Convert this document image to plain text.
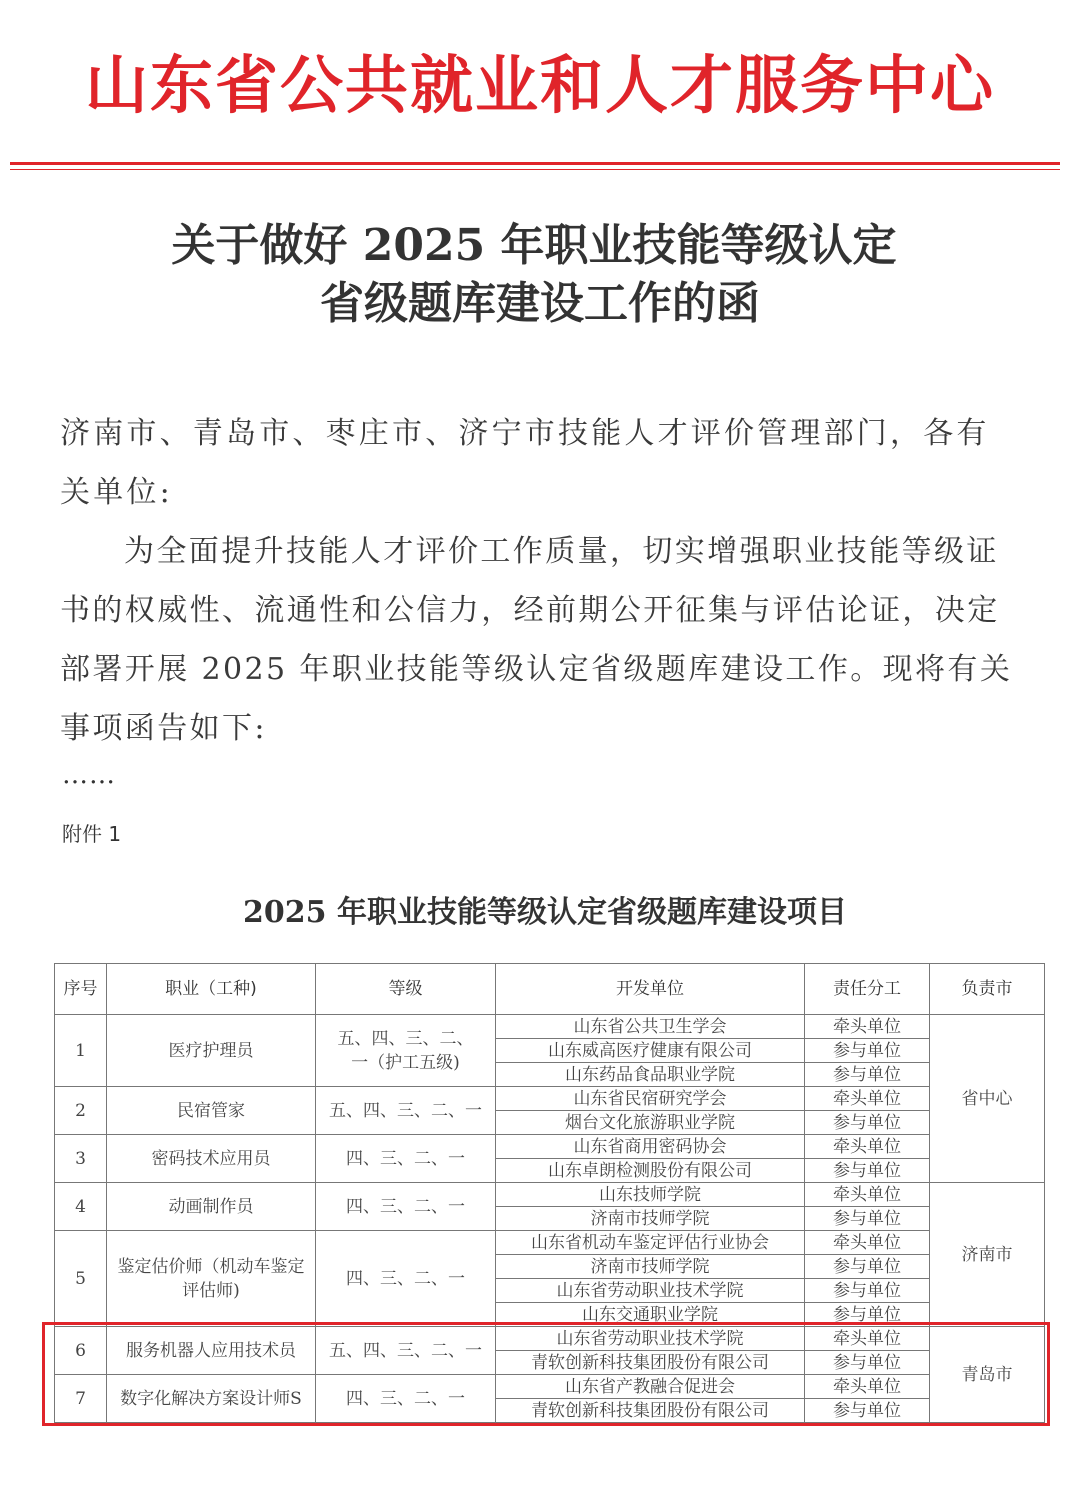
山东省公共就业和人才服务中心
关于做好 2025 年职业技能等级认定
省级题库建设工作的函
济南市、青岛市、枣庄市、济宁市技能人才评价管理部门，各有关单位:
为全面提升技能人才评价工作质量，切实增强职业技能等级证书的权威性、流通性和公信力，经前期公开征集与评估论证，决定部署开展 2025 年职业技能等级认定省级题库建设工作。现将有关事项函告如下:
……
附件 1
2025 年职业技能等级认定省级题库建设项目
序号	职业（工种)	等级	开发单位	责任分工	负责市
1	医疗护理员	五、四、三、二、一（护工五级)	山东省公共卫生学会	牵头单位	省中心
			山东威高医疗健康有限公司	参与单位	
			山东药品食品职业学院	参与单位	
2	民宿管家	五、四、三、二、一	山东省民宿研究学会	牵头单位	
			烟台文化旅游职业学院	参与单位	
3	密码技术应用员	四、三、二、一	山东省商用密码协会	牵头单位	
			山东卓朗检测股份有限公司	参与单位	
4	动画制作员	四、三、二、一	山东技师学院	牵头单位	济南市
			济南市技师学院	参与单位	
5	鉴定估价师（机动车鉴定评估师)	四、三、二、一	山东省机动车鉴定评估行业协会	牵头单位	
			济南市技师学院	参与单位	
			山东省劳动职业技术学院	参与单位	
			山东交通职业学院	参与单位	
6	服务机器人应用技术员	五、四、三、二、一	山东省劳动职业技术学院	牵头单位	青岛市
			青软创新科技集团股份有限公司	参与单位	
7	数字化解决方案设计师S	四、三、二、一	山东省产教融合促进会	牵头单位	
			青软创新科技集团股份有限公司	参与单位	
